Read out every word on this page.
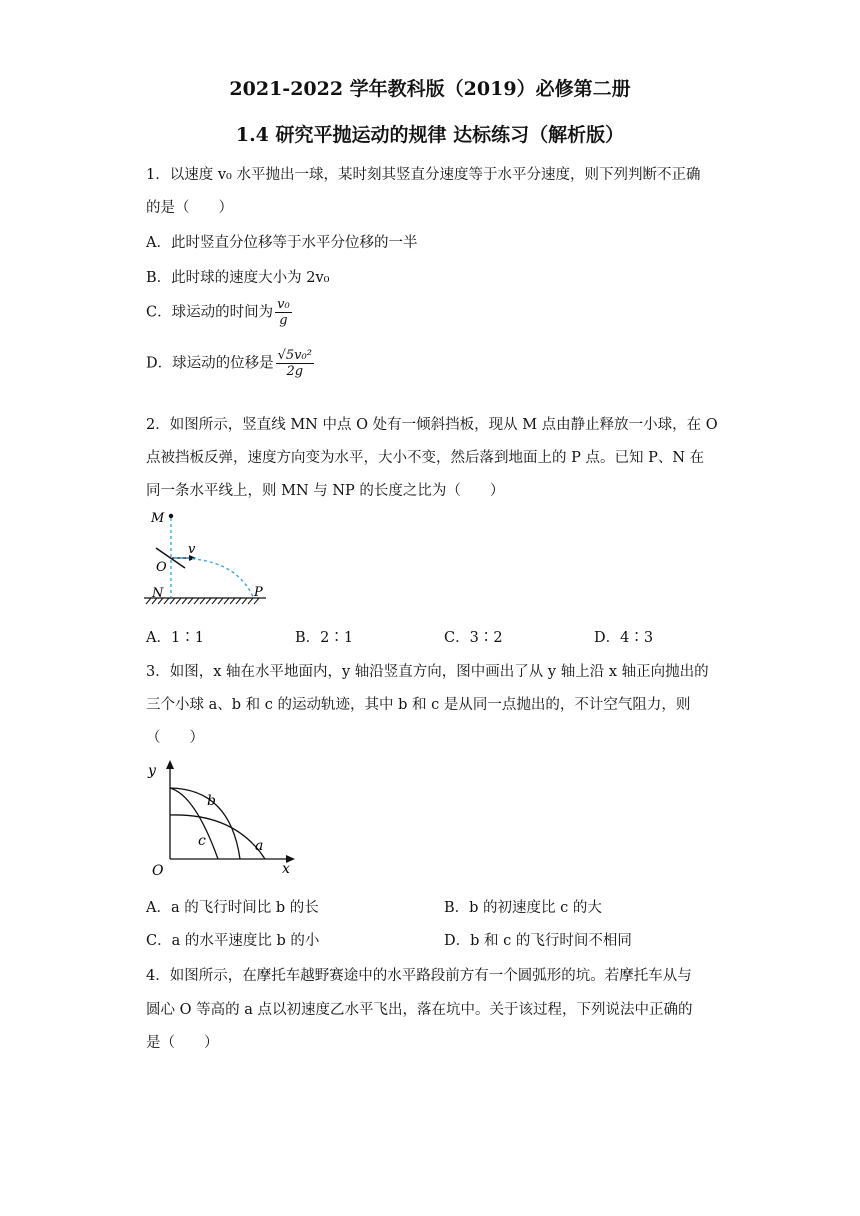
2021-2022 学年教科版（2019）必修第二册
1.4 研究平抛运动的规律 达标练习（解析版）
1．以速度 v₀ 水平抛出一球，某时刻其竖直分速度等于水平分速度，则下列判断不正确
的是（　　）
A．此时竖直分位移等于水平分位移的一半
B．此时球的速度大小为 2v₀
C．球运动的时间为 $\frac{\text{v₀}}{g}$
D．球运动的位移是 $\frac{\text{√5v₀²}}{2g}$
2．如图所示，竖直线 MN 中点 O 处有一倾斜挡板，现从 M 点由静止释放一小球，在 O
点被挡板反弹，速度方向变为水平，大小不变，然后落到地面上的 P 点。已知 P、N 在
同一条水平线上，则 MN 与 NP 的长度之比为（　　）
M
O
N	P
v
A．1∶1	B．2∶1	C．3∶2	D．4∶3
3．如图，x 轴在水平地面内，y 轴沿竖直方向，图中画出了从 y 轴上沿 x 轴正向抛出的
三个小球 a、b 和 c 的运动轨迹，其中 b 和 c 是从同一点抛出的，不计空气阻力，则
（　　）
y
x
O
a
b
c
A．a 的飞行时间比 b 的长	B．b 的初速度比 c 的大
C．a 的水平速度比 b 的小	D．b 和 c 的飞行时间不相同
4．如图所示，在摩托车越野赛途中的水平路段前方有一个圆弧形的坑。若摩托车从与
圆心 O 等高的 a 点以初速度乙水平飞出，落在坑中。关于该过程，下列说法中正确的
是（　　）
